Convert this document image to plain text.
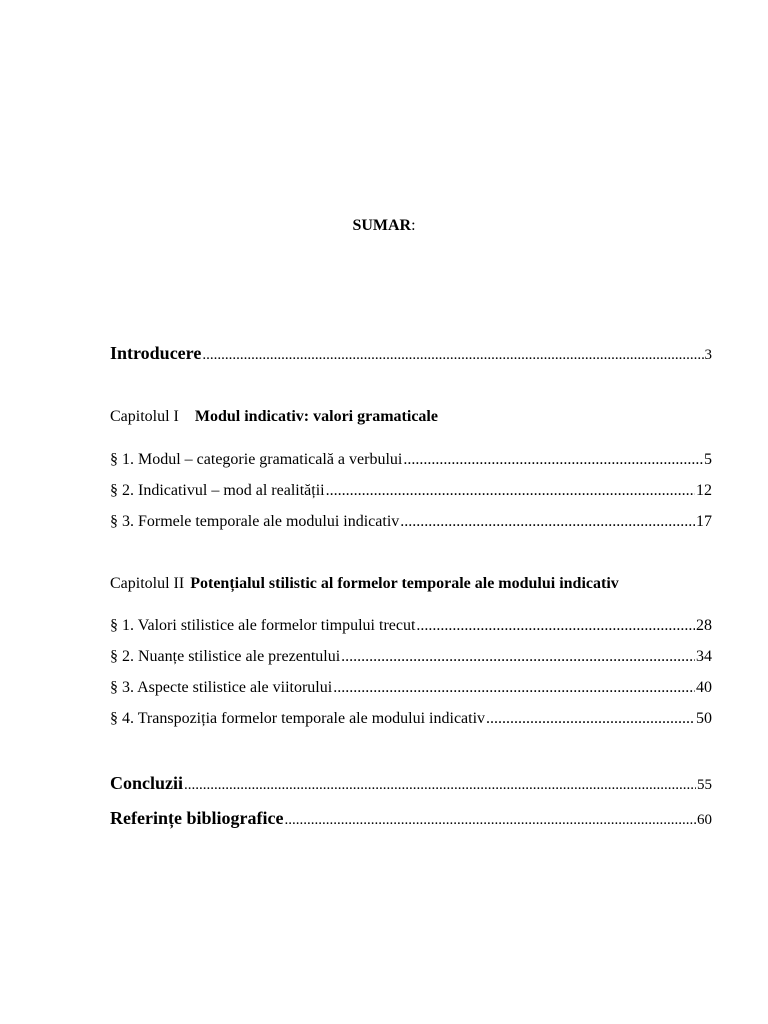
SUMAR:
Introducere .....	3
Capitolul I Modul indicativ: valori gramaticale
§ 1. Modul – categorie gramaticală a verbului .....	5
§ 2. Indicativul – mod al realității .....	12
§ 3. Formele temporale ale modului indicativ .....	17
Capitolul II Potențialul stilistic al formelor temporale ale modului indicativ
§ 1. Valori stilistice ale formelor timpului trecut .....	28
§ 2. Nuanțe stilistice ale prezentului .....	34
§ 3. Aspecte stilistice ale viitorului .....	40
§ 4. Transpoziția formelor temporale ale modului indicativ .....	50
Concluzii .....	55
Referințe bibliografice .....	60
